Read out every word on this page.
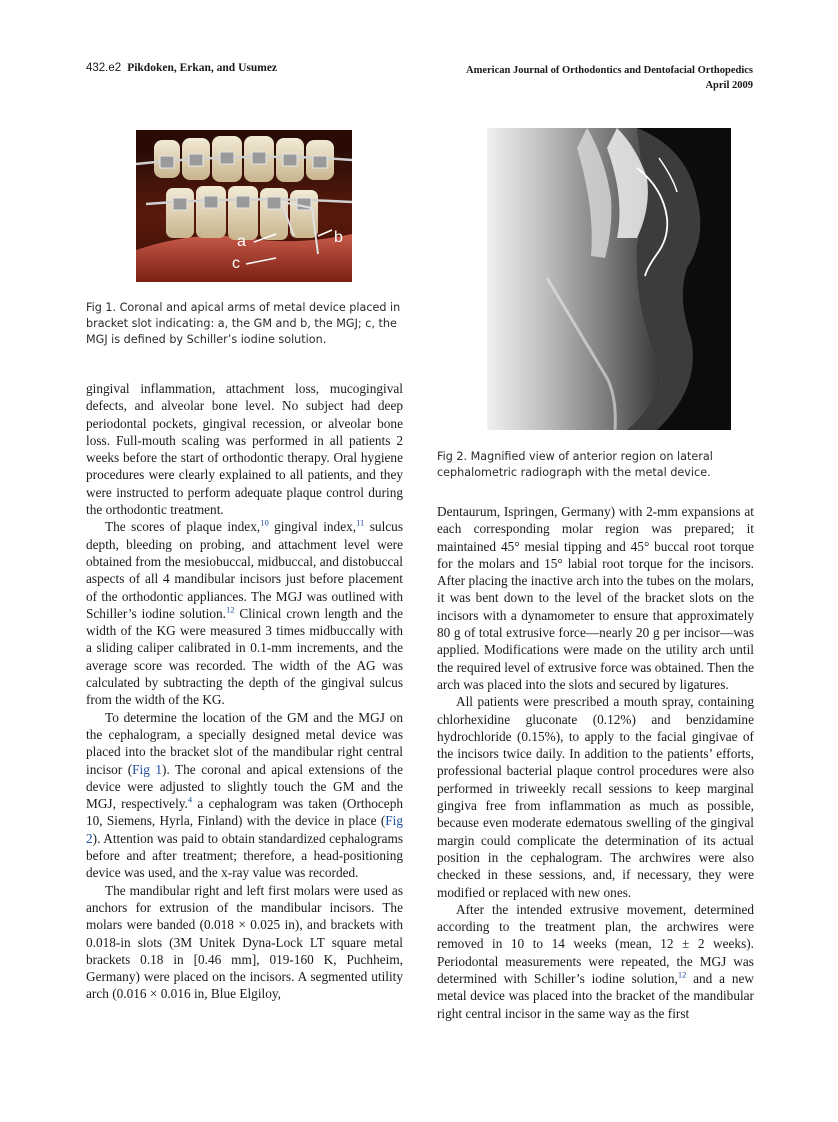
432.e2 Pikdoken, Erkan, and Usumez	American Journal of Orthodontics and Dentofacial Orthopedics
April 2009
a	b
c
Fig 1. Coronal and apical arms of metal device placed in bracket slot indicating: a, the GM and b, the MGJ; c, the MGJ is defined by Schiller’s iodine solution.
Fig 2. Magnified view of anterior region on lateral cephalometric radiograph with the metal device.

gingival inflammation, attachment loss, mucogingival defects, and alveolar bone level. No subject had deep periodontal pockets, gingival recession, or alveolar bone loss. Full-mouth scaling was performed in all patients 2 weeks before the start of orthodontic therapy. Oral hygiene procedures were clearly explained to all patients, and they were instructed to perform adequate plaque control during the orthodontic treatment.

The scores of plaque index,$^{10}$ gingival index,$^{11}$ sulcus depth, bleeding on probing, and attachment level were obtained from the mesiobuccal, midbuccal, and distobuccal aspects of all 4 mandibular incisors just before placement of the orthodontic appliances. The MGJ was outlined with Schiller’s iodine solution.$^{12}$ Clinical crown length and the width of the KG were measured 3 times midbuccally with a sliding caliper calibrated in 0.1-mm increments, and the average score was recorded. The width of the AG was calculated by subtracting the depth of the gingival sulcus from the width of the KG.

To determine the location of the GM and the MGJ on the cephalogram, a specially designed metal device was placed into the bracket slot of the mandibular right central incisor (Fig 1). The coronal and apical extensions of the device were adjusted to slightly touch the GM and the MGJ, respectively.$^4$ a cephalogram was taken (Orthoceph 10, Siemens, Hyrla, Finland) with the device in place (Fig 2). Attention was paid to obtain standardized cephalograms before and after treatment; therefore, a head-positioning device was used, and the x-ray value was recorded.

The mandibular right and left first molars were used as anchors for extrusion of the mandibular incisors. The molars were banded (0.018 × 0.025 in), and brackets with 0.018-in slots (3M Unitek Dyna-Lock LT square metal brackets 0.18 in [0.46 mm], 019-160 K, Puchheim, Germany) were placed on the incisors. A segmented utility arch (0.016 × 0.016 in, Blue Elgiloy,

Dentaurum, Ispringen, Germany) with 2-mm expansions at each corresponding molar region was prepared; it maintained 45° mesial tipping and 45° buccal root torque for the molars and 15° labial root torque for the incisors. After placing the inactive arch into the tubes on the molars, it was bent down to the level of the bracket slots on the incisors with a dynamometer to ensure that approximately 80 g of total extrusive force—nearly 20 g per incisor—was applied. Modifications were made on the utility arch until the required level of extrusive force was obtained. Then the arch was placed into the slots and secured by ligatures.

All patients were prescribed a mouth spray, containing chlorhexidine gluconate (0.12%) and benzidamine hydrochloride (0.15%), to apply to the facial gingivae of the incisors twice daily. In addition to the patients’ efforts, professional bacterial plaque control procedures were also performed in triweekly recall sessions to keep marginal gingiva free from inflammation as much as possible, because even moderate edematous swelling of the gingival margin could complicate the determination of its actual position in the cephalogram. The archwires were also checked in these sessions, and, if necessary, they were modified or replaced with new ones.

After the intended extrusive movement, determined according to the treatment plan, the archwires were removed in 10 to 14 weeks (mean, 12 ± 2 weeks). Periodontal measurements were repeated, the MGJ was determined with Schiller’s iodine solution,$^{12}$ and a new metal device was placed into the bracket of the mandibular right central incisor in the same way as the first
